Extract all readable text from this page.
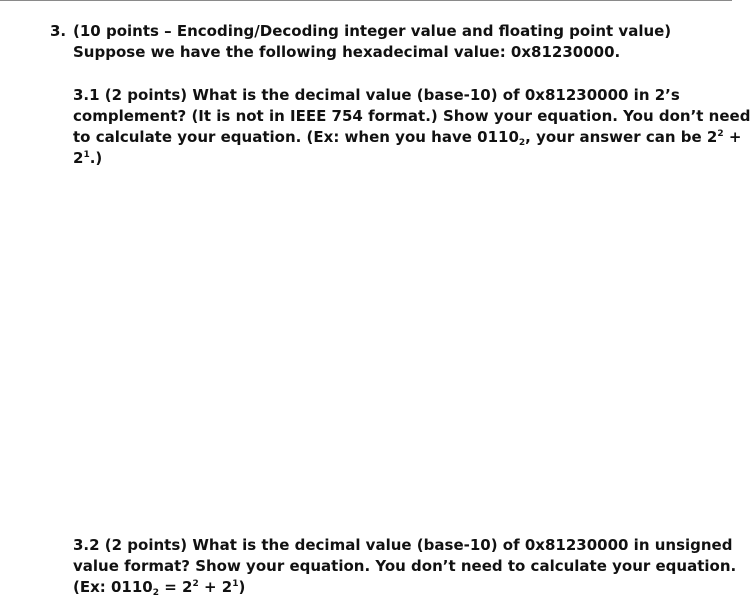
3. (10 points – Encoding/Decoding integer value and floating point value)
Suppose we have the following hexadecimal value: 0x81230000.
3.1 (2 points) What is the decimal value (base-10) of 0x81230000 in 2’s
complement? (It is not in IEEE 754 format.) Show your equation. You don’t need
to calculate your equation. (Ex: when you have $0110_2$, your answer can be $2^2$ +
$2^1$.)
3.2 (2 points) What is the decimal value (base-10) of 0x81230000 in unsigned
value format? Show your equation. You don’t need to calculate your equation.
(Ex: $0110_2 = 2^2 + 2^1$)
